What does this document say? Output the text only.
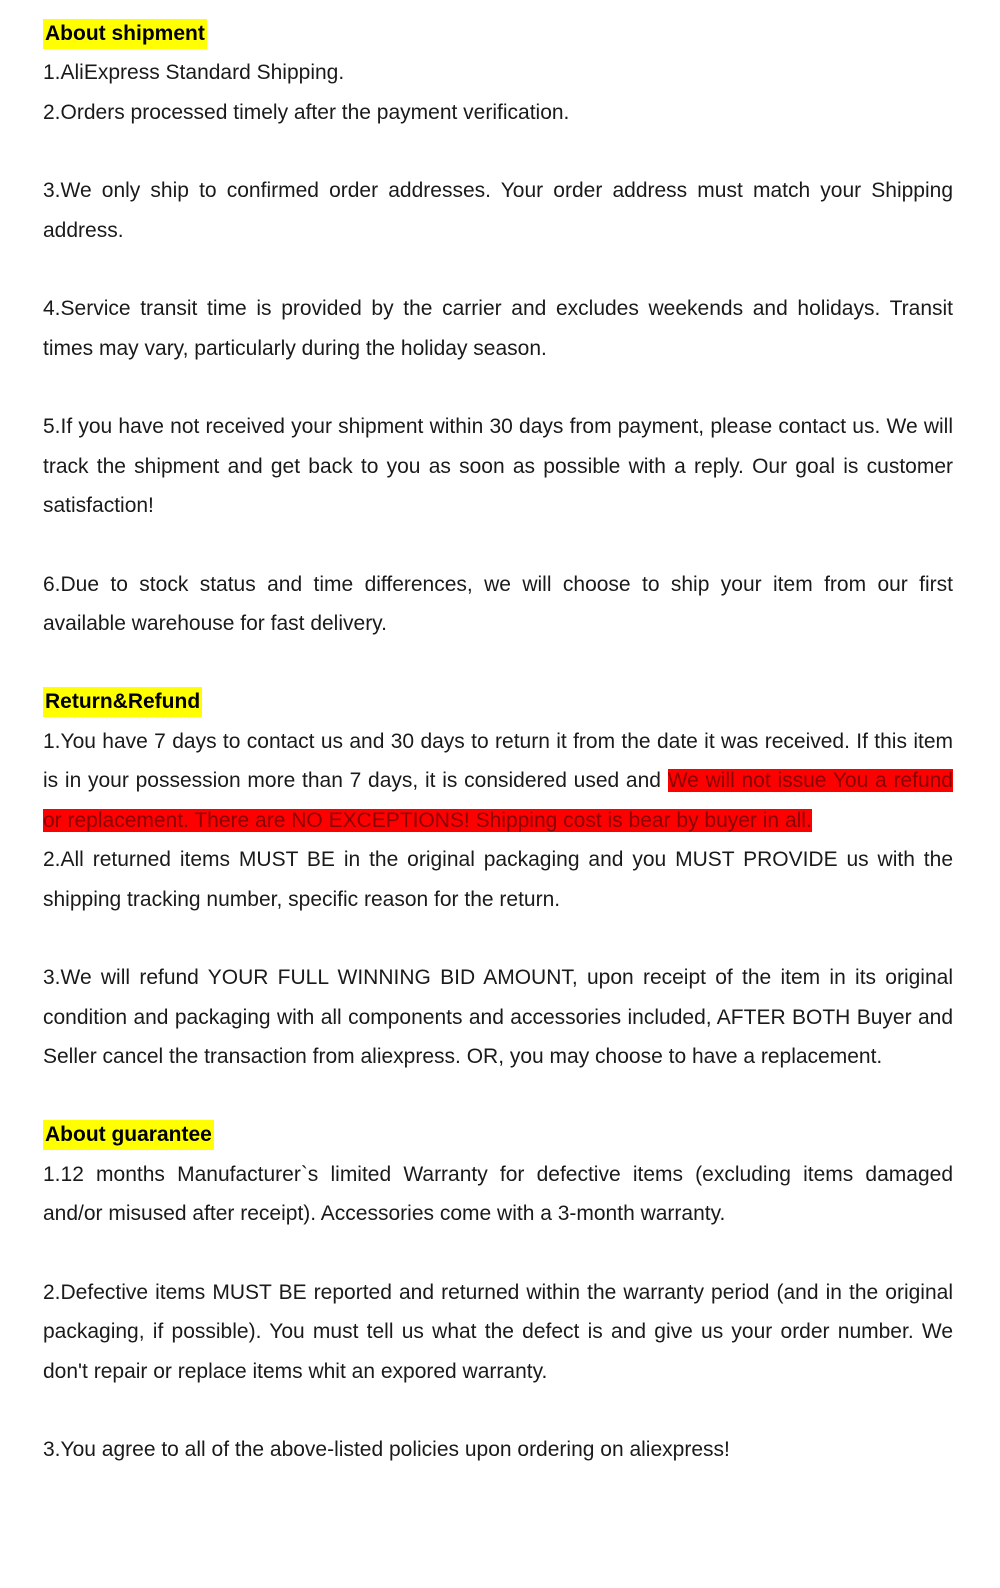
About shipment

1.AliExpress Standard Shipping.

2.Orders processed timely after the payment verification.

3.We only ship to confirmed order addresses. Your order address must match your Shipping address.

4.Service transit time is provided by the carrier and excludes weekends and holidays. Transit times may vary, particularly during the holiday season.

5.If you have not received your shipment within 30 days from payment, please contact us. We will track the shipment and get back to you as soon as possible with a reply. Our goal is customer satisfaction!

6.Due to stock status and time differences, we will choose to ship your item from our first available warehouse for fast delivery.

Return&Refund

1.You have 7 days to contact us and 30 days to return it from the date it was received. If this item is in your possession more than 7 days, it is considered used and We will not issue You a refund or replacement. There are NO EXCEPTIONS! Shipping cost is bear by buyer in all.

2.All returned items MUST BE in the original packaging and you MUST PROVIDE us with the shipping tracking number, specific reason for the return.

3.We will refund YOUR FULL WINNING BID AMOUNT, upon receipt of the item in its original condition and packaging with all components and accessories included, AFTER BOTH Buyer and Seller cancel the transaction from aliexpress. OR, you may choose to have a replacement.

About guarantee

1.12 months Manufacturer`s limited Warranty for defective items (excluding items damaged and/or misused after receipt). Accessories come with a 3-month warranty.

2.Defective items MUST BE reported and returned within the warranty period (and in the original packaging, if possible). You must tell us what the defect is and give us your order number. We don't repair or replace items whit an expored warranty.

3.You agree to all of the above-listed policies upon ordering on aliexpress!
